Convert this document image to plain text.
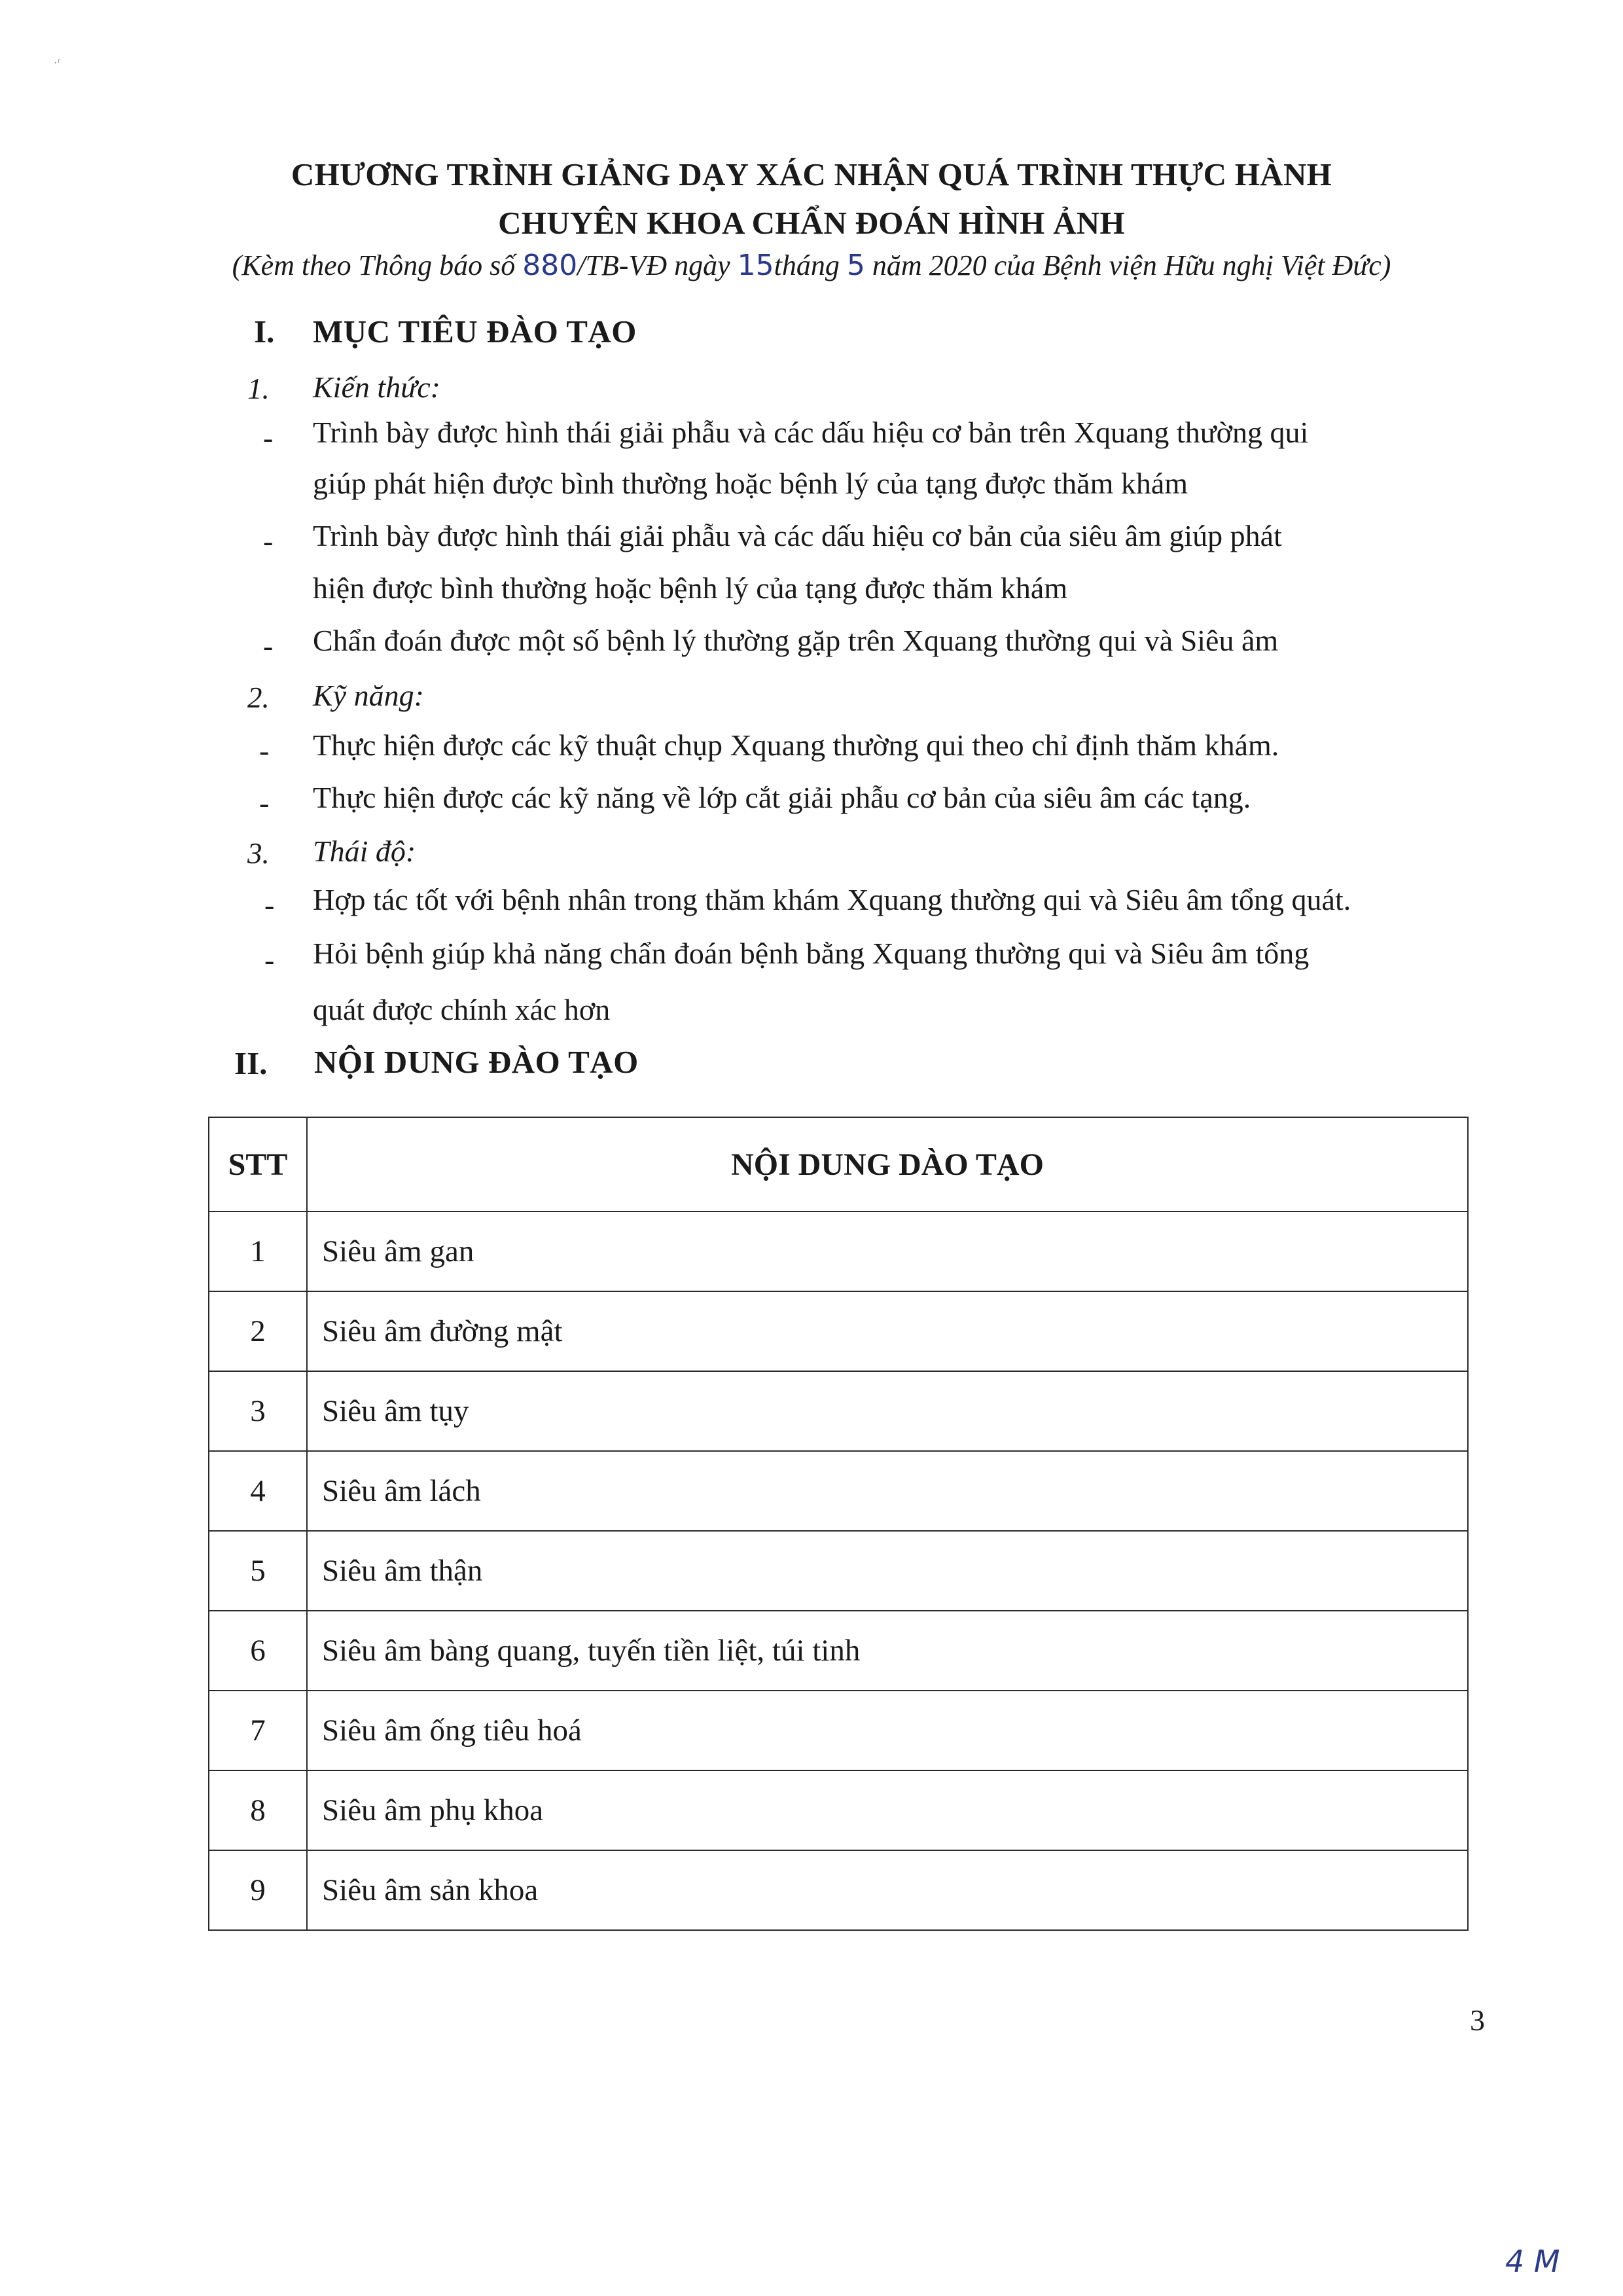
·ʳ
CHƯƠNG TRÌNH GIẢNG DẠY XÁC NHẬN QUÁ TRÌNH THỰC HÀNH
CHUYÊN KHOA CHẨN ĐOÁN HÌNH ẢNH
(Kèm theo Thông báo số 880/TB-VĐ ngày 15tháng 5 năm 2020 của Bệnh viện Hữu nghị Việt Đức)
I. MỤC TIÊU ĐÀO TẠO
1. Kiến thức:
- Trình bày được hình thái giải phẫu và các dấu hiệu cơ bản trên Xquang thường qui
giúp phát hiện được bình thường hoặc bệnh lý của tạng được thăm khám
- Trình bày được hình thái giải phẫu và các dấu hiệu cơ bản của siêu âm giúp phát
hiện được bình thường hoặc bệnh lý của tạng được thăm khám
- Chẩn đoán được một số bệnh lý thường gặp trên Xquang thường qui và Siêu âm
2. Kỹ năng:
- Thực hiện được các kỹ thuật chụp Xquang thường qui theo chỉ định thăm khám.
- Thực hiện được các kỹ năng về lớp cắt giải phẫu cơ bản của siêu âm các tạng.
3. Thái độ:
- Hợp tác tốt với bệnh nhân trong thăm khám Xquang thường qui và Siêu âm tổng quát.
- Hỏi bệnh giúp khả năng chẩn đoán bệnh bằng Xquang thường qui và Siêu âm tổng
quát được chính xác hơn
II. NỘI DUNG ĐÀO TẠO
STT	NỘI DUNG DÀO TẠO
1	Siêu âm gan
2	Siêu âm đường mật
3	Siêu âm tụy
4	Siêu âm lách
5	Siêu âm thận
6	Siêu âm bàng quang, tuyến tiền liệt, túi tinh
7	Siêu âm ống tiêu hoá
8	Siêu âm phụ khoa
9	Siêu âm sản khoa
3
4 M
